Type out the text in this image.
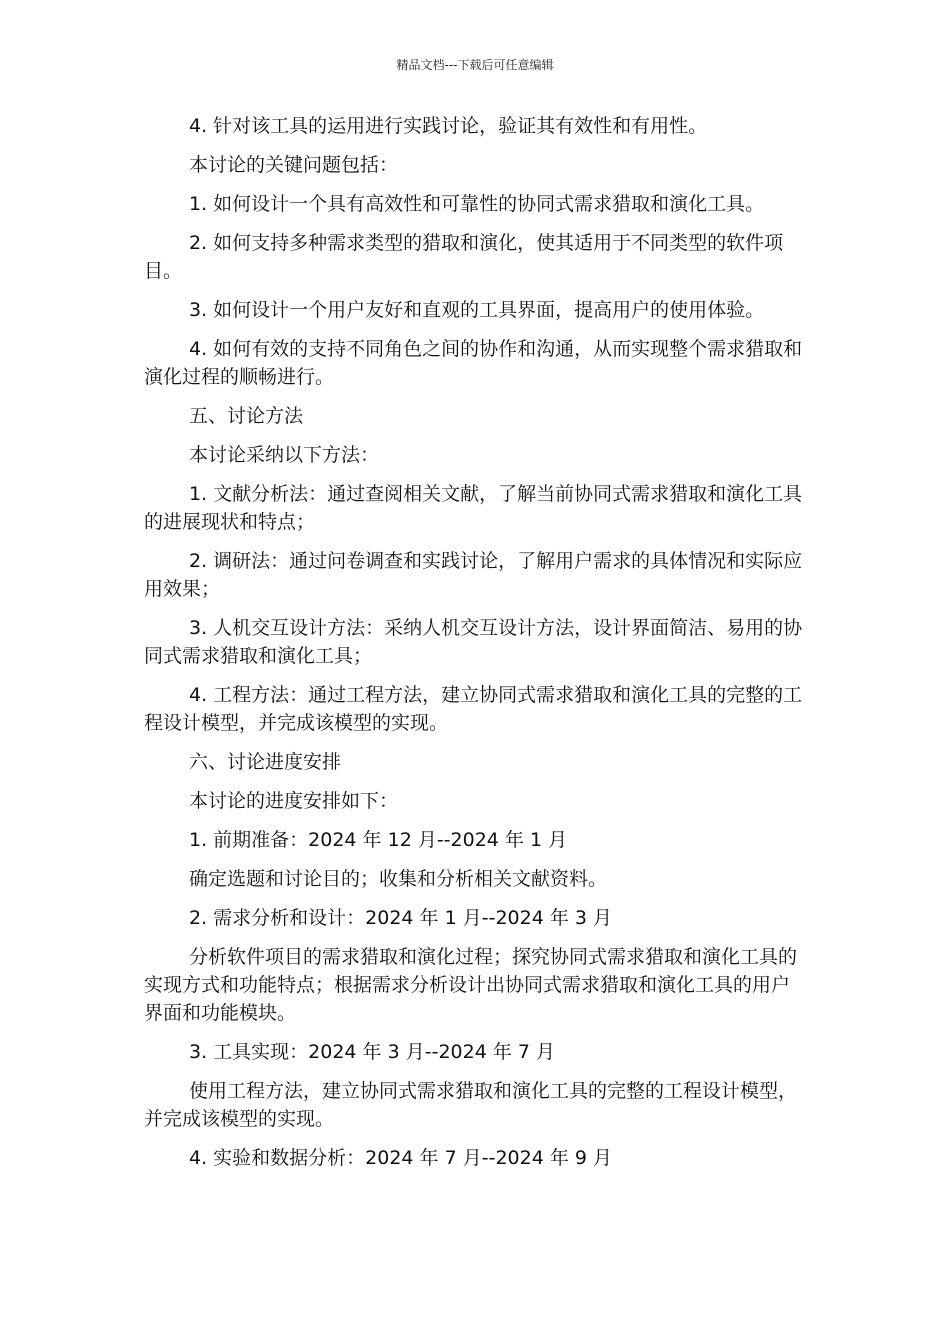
精品文档---下载后可任意编辑

4. 针对该工具的运用进行实践讨论，验证其有效性和有用性。

本讨论的关键问题包括：

1. 如何设计一个具有高效性和可靠性的协同式需求猎取和演化工具。

2. 如何支持多种需求类型的猎取和演化，使其适用于不同类型的软件项目。

3. 如何设计一个用户友好和直观的工具界面，提高用户的使用体验。

4. 如何有效的支持不同角色之间的协作和沟通，从而实现整个需求猎取和演化过程的顺畅进行。

五、讨论方法

本讨论采纳以下方法：

1. 文献分析法：通过查阅相关文献，了解当前协同式需求猎取和演化工具的进展现状和特点；

2. 调研法：通过问卷调查和实践讨论，了解用户需求的具体情况和实际应用效果；

3. 人机交互设计方法：采纳人机交互设计方法，设计界面简洁、易用的协同式需求猎取和演化工具；

4. 工程方法：通过工程方法，建立协同式需求猎取和演化工具的完整的工程设计模型，并完成该模型的实现。

六、讨论进度安排

本讨论的进度安排如下：

1. 前期准备：2024 年 12 月--2024 年 1 月

确定选题和讨论目的；收集和分析相关文献资料。

2. 需求分析和设计：2024 年 1 月--2024 年 3 月

分析软件项目的需求猎取和演化过程；探究协同式需求猎取和演化工具的实现方式和功能特点；根据需求分析设计出协同式需求猎取和演化工具的用户界面和功能模块。

3. 工具实现：2024 年 3 月--2024 年 7 月

使用工程方法，建立协同式需求猎取和演化工具的完整的工程设计模型，并完成该模型的实现。

4. 实验和数据分析：2024 年 7 月--2024 年 9 月
